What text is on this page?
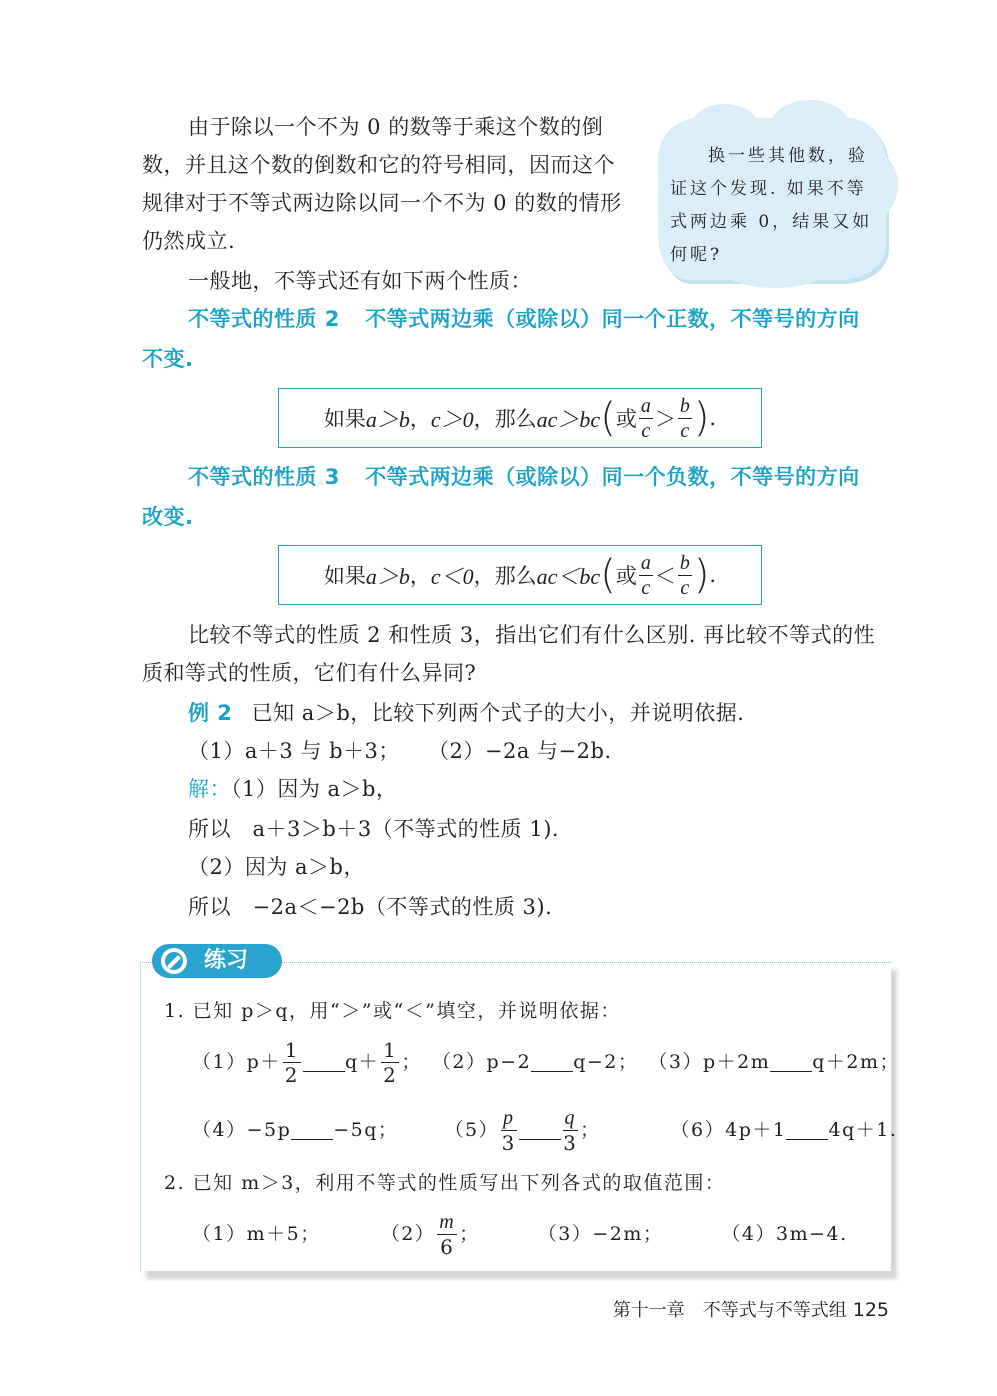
由于除以一个不为 0 的数等于乘这个数的倒
数，并且这个数的倒数和它的符号相同，因而这个
规律对于不等式两边除以同一个不为 0 的数的情形
仍然成立.
一般地，不等式还有如下两个性质：
换一些其他数，验证这个发现. 如果不等式两边乘 0，结果又如何呢?
不等式的性质 2 不等式两边乘（或除以）同一个正数，不等号的方向
不变.
如果 a＞b ， c＞0 ，那么 ac＞bc ( 或 $\frac{a}{c} > \frac{b}{c}$ ) .
不等式的性质 3 不等式两边乘（或除以）同一个负数，不等号的方向
改变.
如果 a＞b ， c＜0 ，那么 ac＜bc ( 或 $\frac{a}{c} < \frac{b}{c}$ ) .
比较不等式的性质 2 和性质 3，指出它们有什么区别. 再比较不等式的性
质和等式的性质，它们有什么异同?
例 2 已知 a＞b，比较下列两个式子的大小，并说明依据.
（1）a＋3 与 b＋3； （2）−2a 与−2b.
解：（1）因为 a＞b，
所以　a＋3＞b＋3（不等式的性质 1).
（2）因为 a＞b，
所以　−2a＜−2b（不等式的性质 3).
练习
1. 已知 p＞q，用“＞”或“＜”填空，并说明依据：
$(1)p+ \frac{1}{2} q+ \frac{1}{2}$ ； （2）p−2 q−2； （3）p＋2m q＋2m；
（4）−5p −5q； $(5) \frac{p}{3} \frac{q}{3}$ ；	（6）4p＋1 4q＋1.
2. 已知 m＞3，利用不等式的性质写出下列各式的取值范围：
（1）m＋5；	$(2) \frac{m}{6}$ ；	（3）−2m；	（4）3m−4.
第十一章　不等式与不等式组 125
